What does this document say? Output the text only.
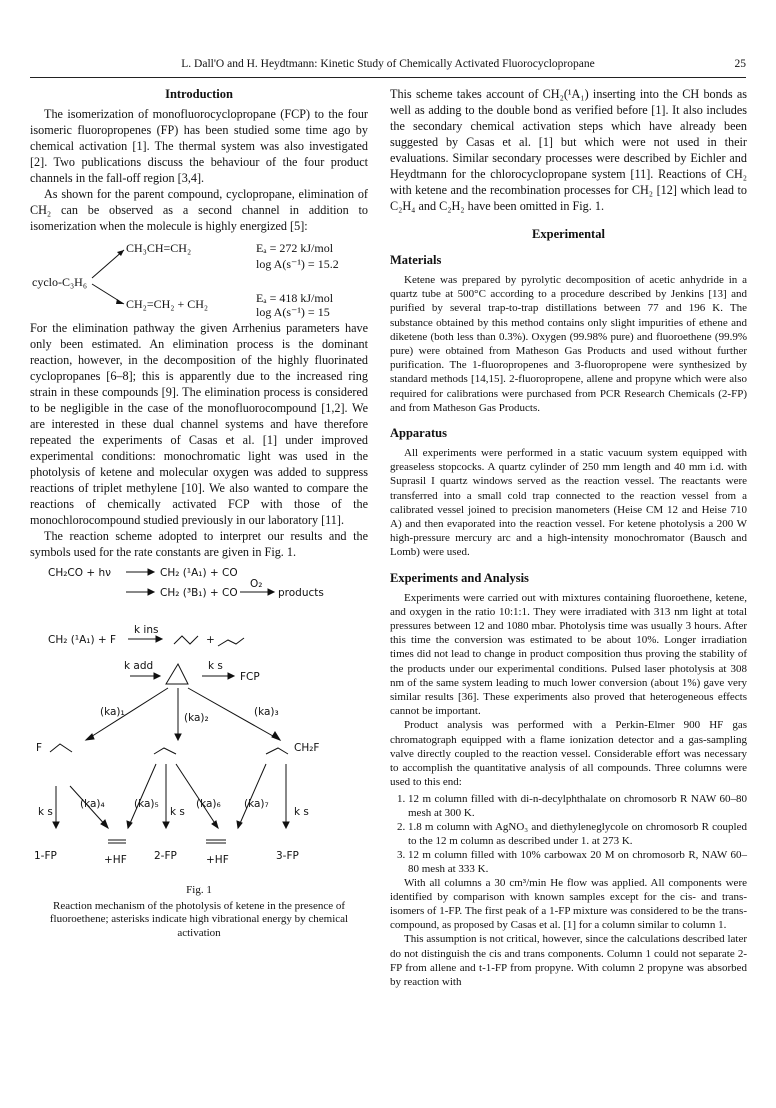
L. Dall'O and H. Heydtmann: Kinetic Study of Chemically Activated Fluorocyclopropane	25
Introduction

The isomerization of monofluorocyclopropane (FCP) to the four isomeric fluoropropenes (FP) has been studied some time ago by chemical activation [1]. The thermal system was also investigated [2]. Two publications discuss the behaviour of the four product channels in the fall-off region [3,4].

As shown for the parent compound, cyclopropane, elimination of CH₂ can be observed as a second channel in addition to isomerization when the molecule is highly energized [5]:

cyclo-C₃H₆
CH₃CH=CH₂
CH₂=CH₂ + CH₂
Eₐ = 272 kJ/mol
log A(s⁻¹) = 15.2
Eₐ = 418 kJ/mol
log A(s⁻¹) = 15

For the elimination pathway the given Arrhenius parameters have only been estimated. An elimination process is the dominant reaction, however, in the decomposition of the highly fluorinated cyclopropanes [6–8]; this is apparently due to the increased ring strain in these compounds [9]. The elimination process is considered to be negligible in the case of the monofluorocompound [1,2]. We are interested in these dual channel systems and have therefore repeated the experiments of Casas et al. [1] under improved experimental conditions: monochromatic light was used in the photolysis of ketene and molecular oxygen was added to suppress reactions of triplet methylene [10]. We also wanted to compare the reactions of chemically activated FCP with those of the monochlorocompound studied previously in our laboratory [11].

The reaction scheme adopted to interpret our results and the symbols used for the rate constants are given in Fig. 1.

CH₂CO + hν	CH₂ (¹A₁) + CO
CH₂ (³B₁) + CO
O₂
products
CH₂ (¹A₁) + F
k ins
+
k add	k s
FCP
(ka)₁	(ka)₂	(ka)₃
F	CH₂F
k s
(ka)₄	(ka)₅
k s
(ka)₆ (ka)₇
k s
1-FP	+HF	2-FP	+HF	3-FP
Fig. 1
Reaction mechanism of the photolysis of ketene in the presence of fluoroethene; asterisks indicate high vibrational energy by chemical activation

This scheme takes account of CH₂(¹A₁) inserting into the CH bonds as well as adding to the double bond as verified before [1]. It also includes the secondary chemical activation steps which have already been suggested by Casas et al. [1] but which were not used in their evaluations. Similar secondary processes were described by Eichler and Heydtmann for the chlorocyclopropane system [11]. Reactions of CH₂ with ketene and the recombination processes for CH₂ [12] which lead to C₂H₄ and C₂H₂ have been omitted in Fig. 1.

Experimental
Materials

Ketene was prepared by pyrolytic decomposition of acetic anhydride in a quartz tube at 500°C according to a procedure described by Jenkins [13] and purified by several trap-to-trap distillations between 77 and 196 K. The substance obtained by this method contains only slight impurities of ethene and diketene (both less than 0.3%). Oxygen (99.98% pure) and fluoroethene (99.9% pure) were obtained from Matheson Gas Products and used without further purification. The 1-fluoropropenes and 3-fluoropropene were synthesized by standard methods [14,15]. 2-fluoropropene, allene and propyne which were also required for calibrations were purchased from PCR Research Chemicals (2-FP) and from Matheson Gas Products.

Apparatus

All experiments were performed in a static vacuum system equipped with greaseless stopcocks. A quartz cylinder of 250 mm length and 40 mm i.d. with Suprasil I quartz windows served as the reaction vessel. The reactants were transferred into a small cold trap connected to the reaction vessel from a calibrated vessel joined to precision manometers (Heise CM 12 and Heise 710 A) and then evaporated into the reaction vessel. For ketene photolysis a 200 W high-pressure mercury arc and a high-intensity monochromator (Bausch and Lomb) were used.

Experiments and Analysis

Experiments were carried out with mixtures containing fluoroethene, ketene, and oxygen in the ratio 10:1:1. They were irradiated with 313 nm light at total pressures between 12 and 1080 mbar. Photolysis time was usually 3 hours. After this time the conversion was estimated to be about 10%. Longer irradiation times did not lead to change in product composition thus proving the stability of the products under our experimental conditions. Pulsed laser photolysis at 308 nm of the same system leading to much lower conversion (about 1%) gave very similar results [36]. These experiments also proved that heterogeneous effects cannot be important.

Product analysis was performed with a Perkin-Elmer 900 HF gas chromatograph equipped with a flame ionization detector and a gas-sampling valve directly coupled to the reaction vessel. Considerable effort was necessary to accomplish the quantitative analysis of all compounds. Three columns were used to this end:

1. 12 m column filled with di-n-decylphthalate on chromosorb R NAW 60–80 mesh at 300 K.
2. 1.8 m column with AgNO₃ and diethyleneglycole on chromosorb R coupled to the 12 m column as described under 1. at 273 K.
3. 12 m column filled with 10% carbowax 20 M on chromosorb R, NAW 60–80 mesh at 333 K.

With all columns a 30 cm³/min He flow was applied. All components were identified by comparison with known samples except for the cis- and trans-isomers of 1-FP. The first peak of a 1-FP mixture was considered to be the trans-compound, as proposed by Casas et al. [1] for a column similar to column 1.

This assumption is not critical, however, since the calculations described later do not distinguish the cis and trans components. Column 1 could not separate 2-FP from allene and t-1-FP from propyne. With column 2 propyne was absorbed by reaction with
